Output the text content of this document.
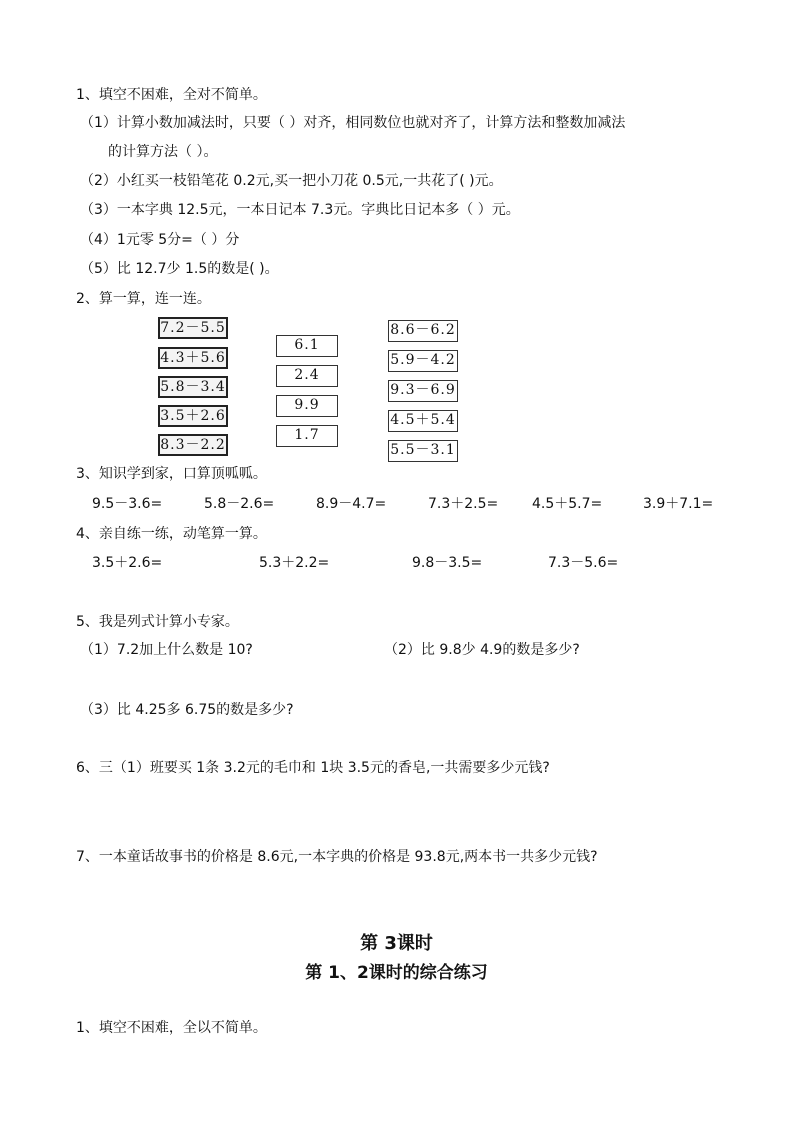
1、填空不困难，全对不简单。
（1）计算小数加减法时，只要（ ）对齐，相同数位也就对齐了，计算方法和整数加减法
的计算方法（ ）。
（2）小红买一枝铅笔花 0.2元,买一把小刀花 0.5元,一共花了( )元。
（3）一本字典 12.5元，一本日记本 7.3元。字典比日记本多（ ）元。
（4）1元零 5分=（ ）分
（5）比 12.7少 1.5的数是( )。
2、算一算，连一连。
7.2－5.5
4.3＋5.6
5.8－3.4
3.5＋2.6
8.3－2.2
6.1
2.4
9.9
1.7
8.6－6.2
5.9－4.2
9.3－6.9
4.5＋5.4
5.5－3.1
3、知识学到家，口算顶呱呱。
9.5－3.6=	5.8－2.6=	8.9－4.7=	7.3＋2.5= 4.5＋5.7=	3.9＋7.1=
4、亲自练一练，动笔算一算。
3.5＋2.6=	5.3＋2.2=	9.8－3.5=	7.3－5.6=
5、我是列式计算小专家。
（1）7.2加上什么数是 10?	（2）比 9.8少 4.9的数是多少?
（3）比 4.25多 6.75的数是多少?
6、三（1）班要买 1条 3.2元的毛巾和 1块 3.5元的香皂,一共需要多少元钱?
7、一本童话故事书的价格是 8.6元,一本字典的价格是 93.8元,两本书一共多少元钱?
第 3课时
第 1、2课时的综合练习
1、填空不困难，全以不简单。
